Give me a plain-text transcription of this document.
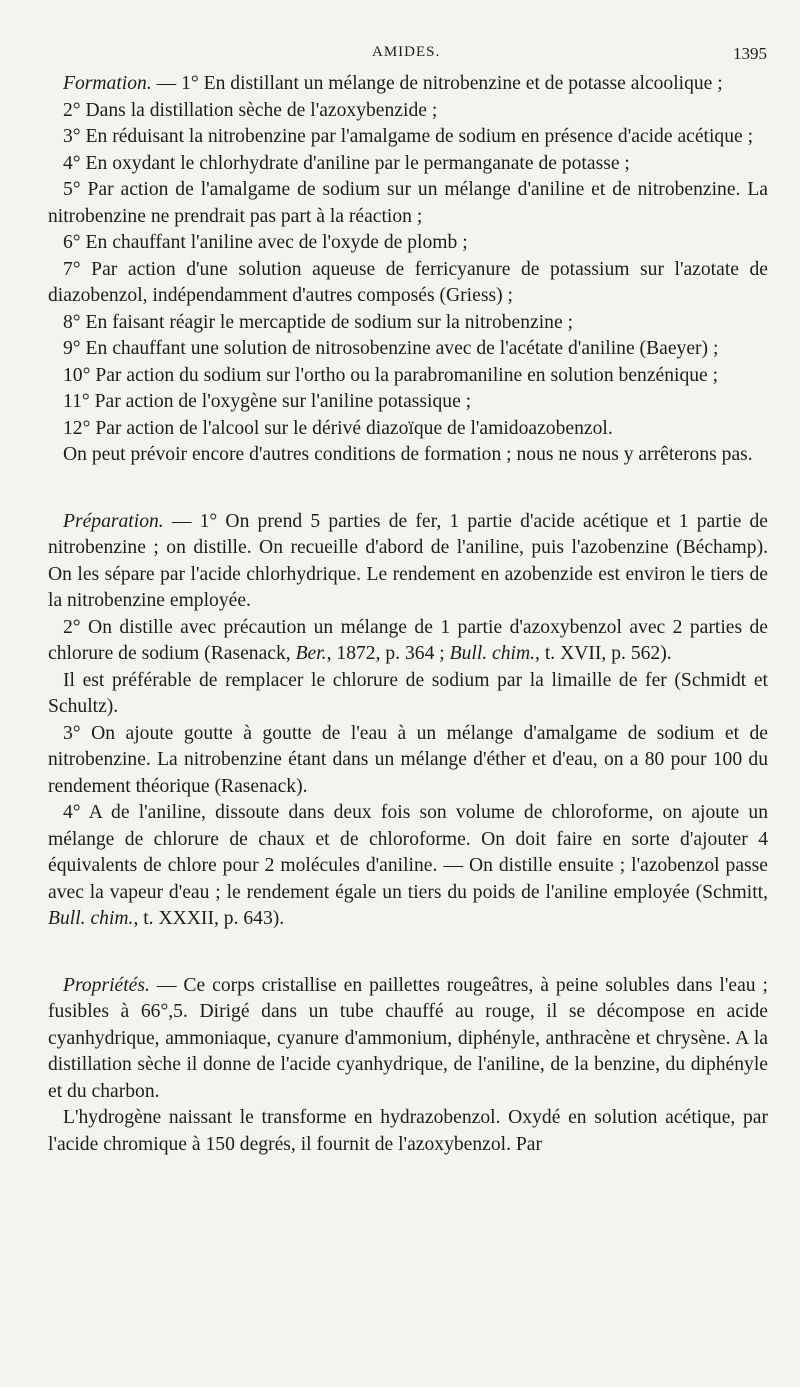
AMIDES.	1395

Formation. — 1° En distillant un mélange de nitrobenzine et de potasse alcoolique ;

2° Dans la distillation sèche de l'azoxybenzide ;

3° En réduisant la nitrobenzine par l'amalgame de sodium en présence d'acide acétique ;

4° En oxydant le chlorhydrate d'aniline par le permanganate de potasse ;

5° Par action de l'amalgame de sodium sur un mélange d'aniline et de nitrobenzine. La nitrobenzine ne prendrait pas part à la réaction ;

6° En chauffant l'aniline avec de l'oxyde de plomb ;

7° Par action d'une solution aqueuse de ferricyanure de potassium sur l'azotate de diazobenzol, indépendamment d'autres composés (Griess) ;

8° En faisant réagir le mercaptide de sodium sur la nitrobenzine ;

9° En chauffant une solution de nitrosobenzine avec de l'acétate d'aniline (Baeyer) ;

10° Par action du sodium sur l'ortho ou la parabromaniline en solution benzénique ;

11° Par action de l'oxygène sur l'aniline potassique ;

12° Par action de l'alcool sur le dérivé diazoïque de l'amidoazobenzol.

On peut prévoir encore d'autres conditions de formation ; nous ne nous y arrêterons pas.

Préparation. — 1° On prend 5 parties de fer, 1 partie d'acide acétique et 1 partie de nitrobenzine ; on distille. On recueille d'abord de l'aniline, puis l'azobenzine (Béchamp). On les sépare par l'acide chlorhydrique. Le rendement en azobenzide est environ le tiers de la nitrobenzine employée.

2° On distille avec précaution un mélange de 1 partie d'azoxybenzol avec 2 parties de chlorure de sodium (Rasenack, Ber., 1872, p. 364 ; Bull. chim., t. XVII, p. 562).

Il est préférable de remplacer le chlorure de sodium par la limaille de fer (Schmidt et Schultz).

3° On ajoute goutte à goutte de l'eau à un mélange d'amalgame de sodium et de nitrobenzine. La nitrobenzine étant dans un mélange d'éther et d'eau, on a 80 pour 100 du rendement théorique (Rasenack).

4° A de l'aniline, dissoute dans deux fois son volume de chloroforme, on ajoute un mélange de chlorure de chaux et de chloroforme. On doit faire en sorte d'ajouter 4 équivalents de chlore pour 2 molécules d'aniline. — On distille ensuite ; l'azobenzol passe avec la vapeur d'eau ; le rendement égale un tiers du poids de l'aniline employée (Schmitt, Bull. chim., t. XXXII, p. 643).

Propriétés. — Ce corps cristallise en paillettes rougeâtres, à peine solubles dans l'eau ; fusibles à 66°,5. Dirigé dans un tube chauffé au rouge, il se décompose en acide cyanhydrique, ammoniaque, cyanure d'ammonium, diphényle, anthracène et chrysène. A la distillation sèche il donne de l'acide cyanhydrique, de l'aniline, de la benzine, du diphényle et du charbon.

L'hydrogène naissant le transforme en hydrazobenzol. Oxydé en solution acétique, par l'acide chromique à 150 degrés, il fournit de l'azoxybenzol. Par
